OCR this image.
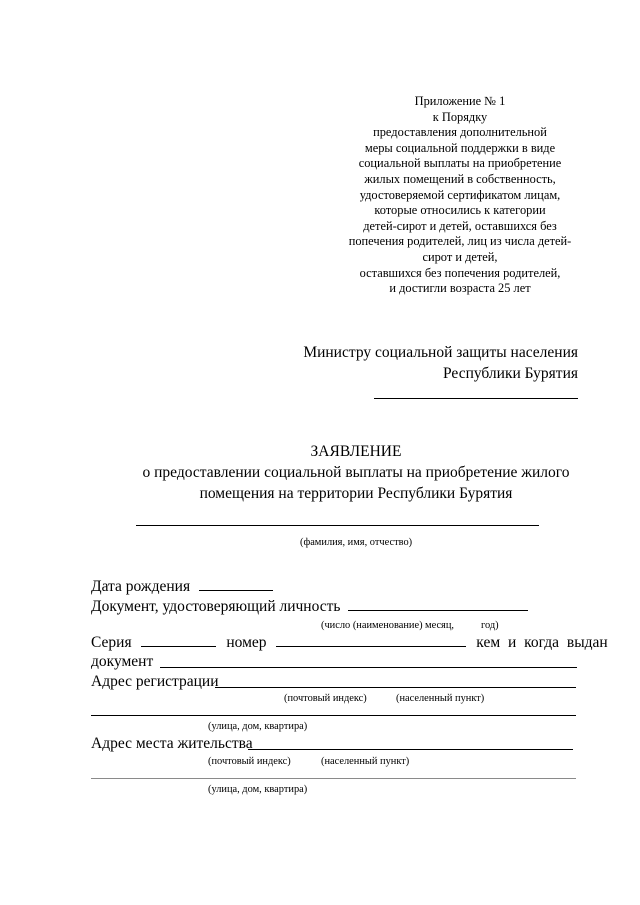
Приложение № 1
к Порядку
предоставления дополнительной
меры социальной поддержки в виде
социальной выплаты на приобретение
жилых помещений в собственность,
удостоверяемой сертификатом лицам,
которые относились к категории
детей-сирот и детей, оставшихся без
попечения родителей, лиц из числа детей-
сирот и детей,
оставшихся без попечения родителей,
и достигли возраста 25 лет
Министру социальной защиты населения
Республики Бурятия
ЗАЯВЛЕНИЕ
о предоставлении социальной выплаты на приобретение жилого
помещения на территории Республики Бурятия
(фамилия, имя, отчество)
Дата рождения
Документ, удостоверяющий личность
(число (наименование) месяц,	год)
Серия	номер	кем и когда выдан
документ
Адрес регистрации
(почтовый индекс)	(населенный пункт)
(улица, дом, квартира)
Адрес места жительства
(почтовый индекс)	(населенный пункт)
(улица, дом, квартира)
